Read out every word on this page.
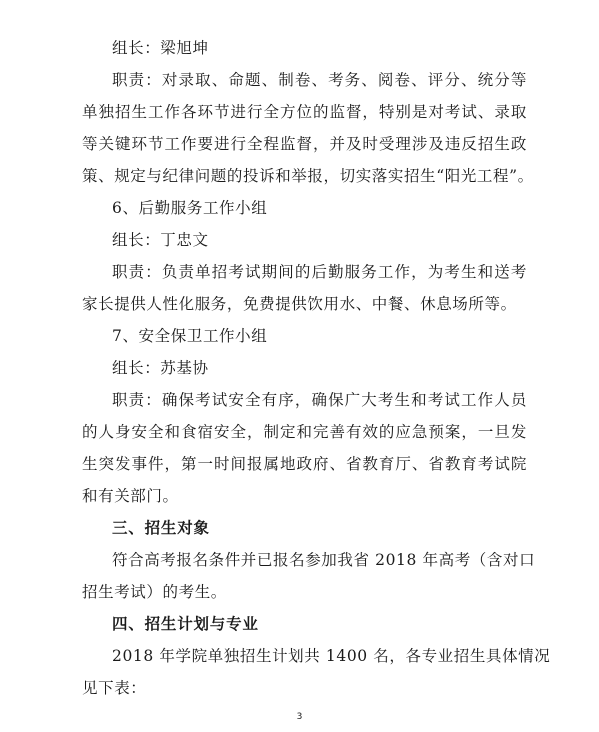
组长：梁旭坤
职责：对录取、命题、制卷、考务、阅卷、评分、统分等
单独招生工作各环节进行全方位的监督，特别是对考试、录取
等关键环节工作要进行全程监督，并及时受理涉及违反招生政
策、规定与纪律问题的投诉和举报，切实落实招生“阳光工程”。
6、后勤服务工作小组
组长：丁忠文
职责：负责单招考试期间的后勤服务工作，为考生和送考
家长提供人性化服务，免费提供饮用水、中餐、休息场所等。
7、安全保卫工作小组
组长：苏基协
职责：确保考试安全有序，确保广大考生和考试工作人员
的人身安全和食宿安全，制定和完善有效的应急预案，一旦发
生突发事件，第一时间报属地政府、省教育厅、省教育考试院
和有关部门。
三、招生对象
符合高考报名条件并已报名参加我省 2018 年高考（含对口
招生考试）的考生。
四、招生计划与专业
2018 年学院单独招生计划共 1400 名，各专业招生具体情况
见下表：
3
